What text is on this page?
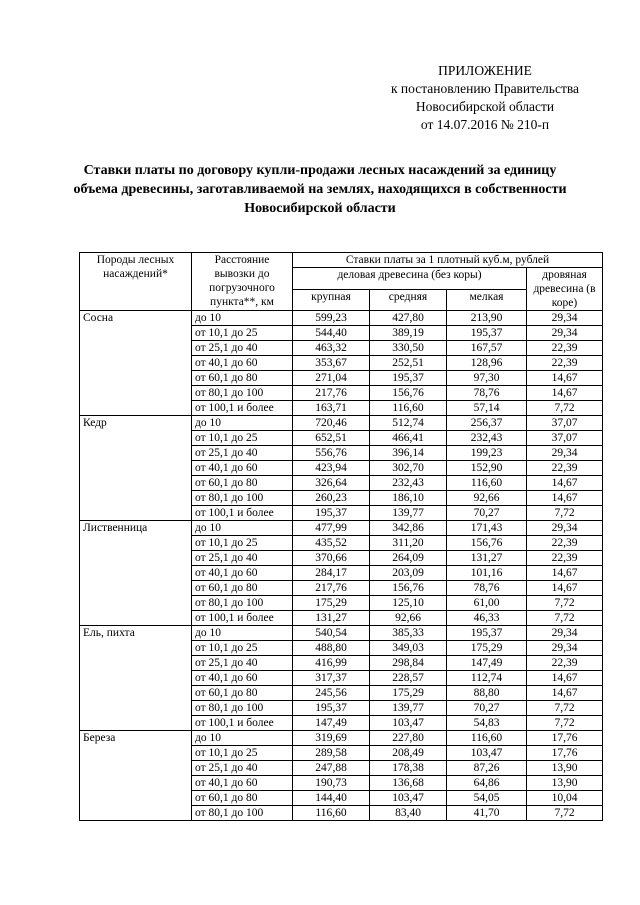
ПРИЛОЖЕНИЕ
к постановлению Правительства
Новосибирской области
от 14.07.2016 № 210-п
Ставки платы по договору купли-продажи лесных насаждений за единицу
объема древесины, заготавливаемой на землях, находящихся в собственности
Новосибирской области
Породы лесных насаждений*	Расстояние вывозки до погрузочного пункта**, км	Ставки платы за 1 плотный куб.м, рублей			
		деловая древесина (без коры)			дровяная древесина (в коре)
		крупная	средняя	мелкая	
Сосна	до 10	599,23	427,80	213,90	29,34
	от 10,1 до 25	544,40	389,19	195,37	29,34
	от 25,1 до 40	463,32	330,50	167,57	22,39
	от 40,1 до 60	353,67	252,51	128,96	22,39
	от 60,1 до 80	271,04	195,37	97,30	14,67
	от 80,1 до 100	217,76	156,76	78,76	14,67
	от 100,1 и более	163,71	116,60	57,14	7,72
Кедр	до 10	720,46	512,74	256,37	37,07
	от 10,1 до 25	652,51	466,41	232,43	37,07
	от 25,1 до 40	556,76	396,14	199,23	29,34
	от 40,1 до 60	423,94	302,70	152,90	22,39
	от 60,1 до 80	326,64	232,43	116,60	14,67
	от 80,1 до 100	260,23	186,10	92,66	14,67
	от 100,1 и более	195,37	139,77	70,27	7,72
Лиственница	до 10	477,99	342,86	171,43	29,34
	от 10,1 до 25	435,52	311,20	156,76	22,39
	от 25,1 до 40	370,66	264,09	131,27	22,39
	от 40,1 до 60	284,17	203,09	101,16	14,67
	от 60,1 до 80	217,76	156,76	78,76	14,67
	от 80,1 до 100	175,29	125,10	61,00	7,72
	от 100,1 и более	131,27	92,66	46,33	7,72
Ель, пихта	до 10	540,54	385,33	195,37	29,34
	от 10,1 до 25	488,80	349,03	175,29	29,34
	от 25,1 до 40	416,99	298,84	147,49	22,39
	от 40,1 до 60	317,37	228,57	112,74	14,67
	от 60,1 до 80	245,56	175,29	88,80	14,67
	от 80,1 до 100	195,37	139,77	70,27	7,72
	от 100,1 и более	147,49	103,47	54,83	7,72
Береза	до 10	319,69	227,80	116,60	17,76
	от 10,1 до 25	289,58	208,49	103,47	17,76
	от 25,1 до 40	247,88	178,38	87,26	13,90
	от 40,1 до 60	190,73	136,68	64,86	13,90
	от 60,1 до 80	144,40	103,47	54,05	10,04
	от 80,1 до 100	116,60	83,40	41,70	7,72
